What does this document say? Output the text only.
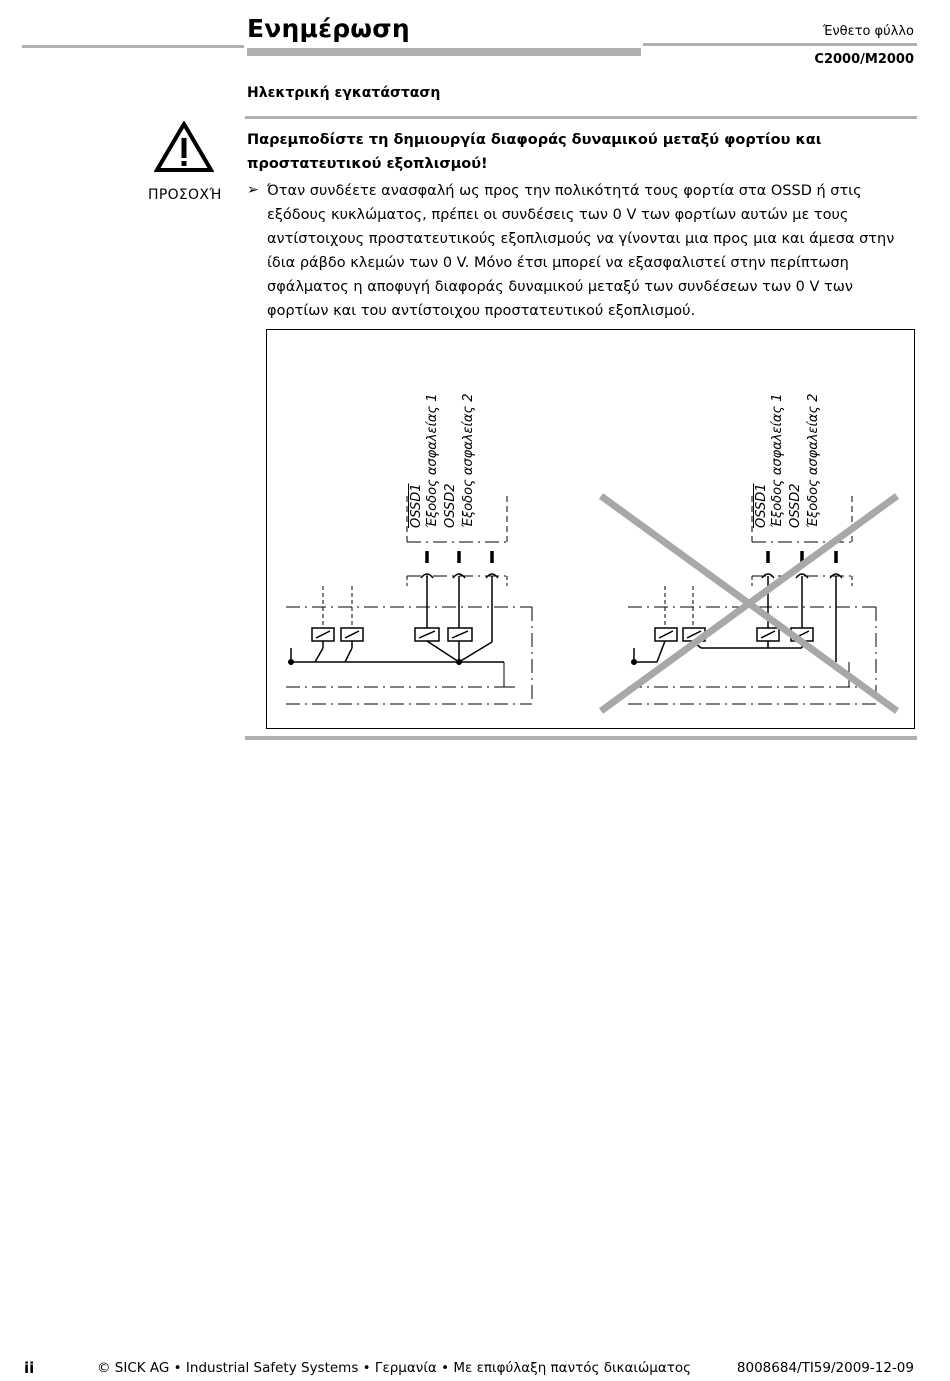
Ενημέρωση	Ένθετο φύλλο
C2000/M2000
Ηλεκτρική εγκατάσταση
ΠΡΟΣΟΧΉ
Παρεμποδίστε τη δημιουργία διαφοράς δυναμικού μεταξύ φορτίου και προστατευτικού εξοπλισμού!
➢ Όταν συνδέετε ανασφαλή ως προς την πολικότητά τους φορτία στα OSSD ή στις εξόδους κυκλώματος, πρέπει οι συνδέσεις των 0 V των φορτίων αυτών με τους αντίστοιχους προστατευτικούς εξοπλισμούς να γίνονται μια προς μια και άμεσα στην ίδια ράβδο κλεμών των 0 V. Μόνο έτσι μπορεί να εξασφαλιστεί στην περίπτωση σφάλματος η αποφυγή διαφοράς δυναμικού μεταξύ των συνδέσεων των 0 V των φορτίων και του αντίστοιχου προστατευτικού εξοπλισμού.
OSSD1 Έξοδος ασφαλείας 1 OSSD2 Έξοδος ασφαλείας 2	OSSD1 Έξοδος ασφαλείας 1 OSSD2 Έξοδος ασφαλείας 2
ii	© SICK AG • Industrial Safety Systems • Γερμανία • Με επιφύλαξη παντός δικαιώματος	8008684/TI59/2009-12-09
